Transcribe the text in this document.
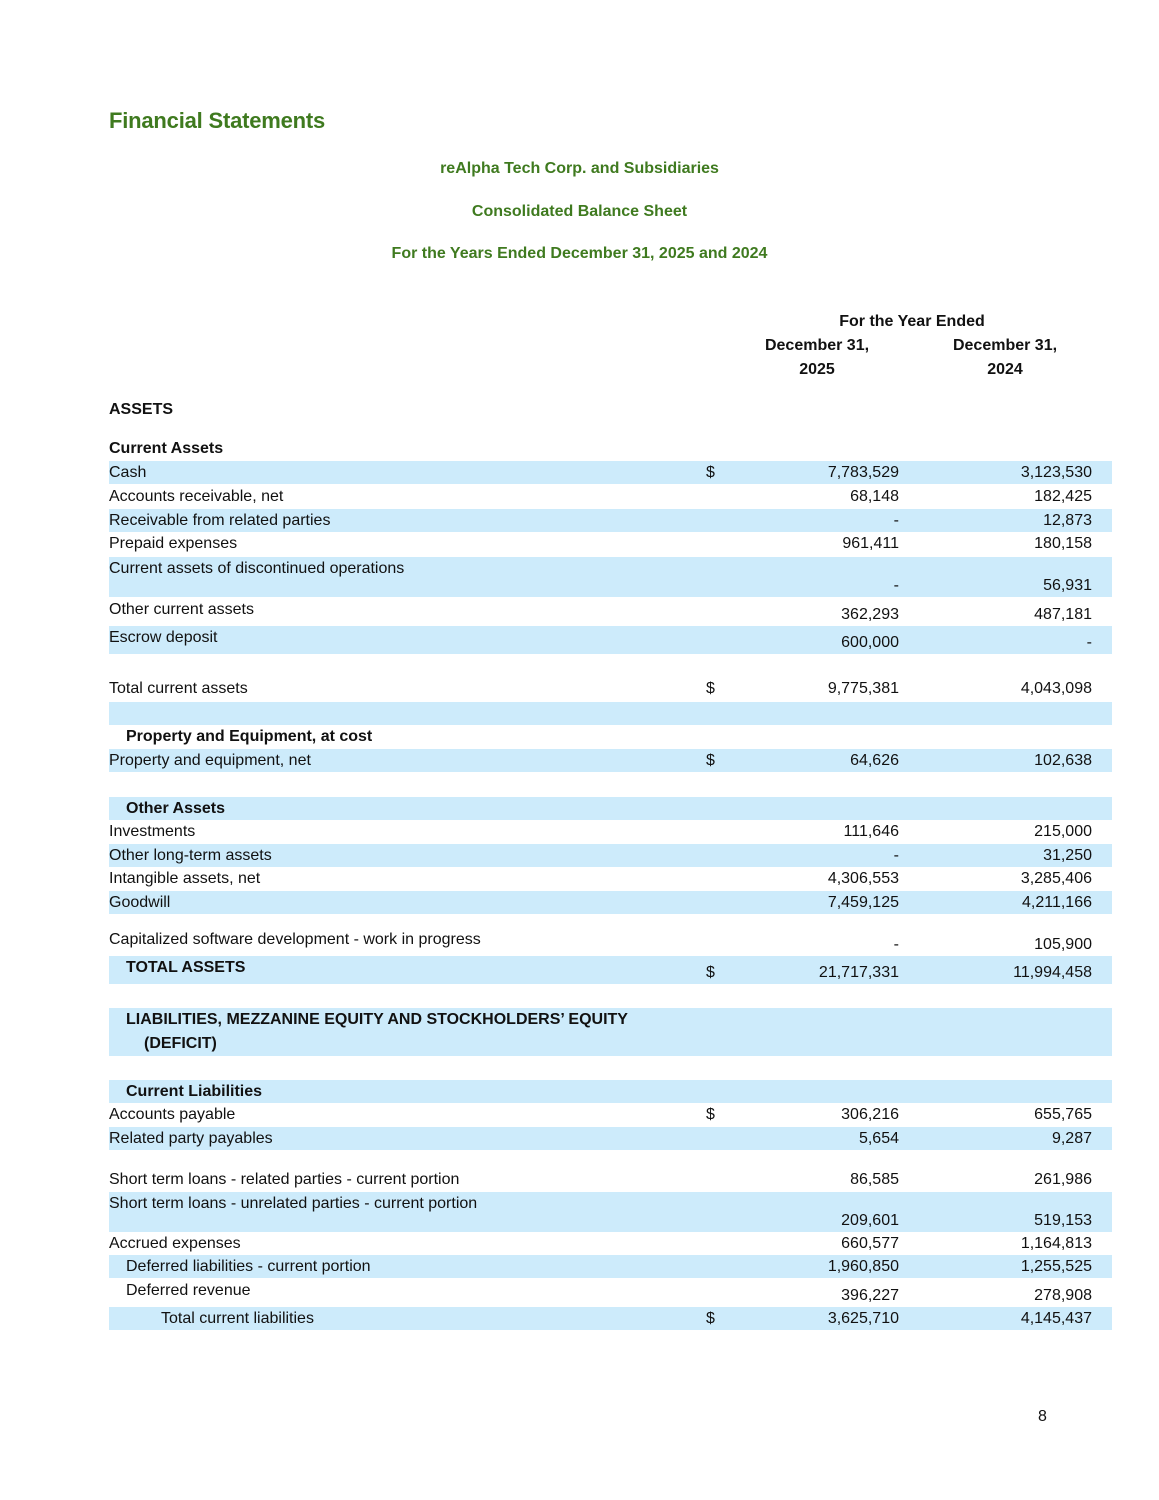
Financial Statements
reAlpha Tech Corp. and Subsidiaries
Consolidated Balance Sheet
For the Years Ended December 31, 2025 and 2024
For the Year Ended
December 31,
2025
December 31,
2024
ASSETS
Current Assets
Cash	$	7,783,529	3,123,530
Accounts receivable, net	68,148	182,425
Receivable from related parties	-	12,873
Prepaid expenses	961,411	180,158
Current assets of discontinued operations
-	56,931
Other current assets	362,293	487,181
Escrow deposit	600,000	-
Total current assets	$	9,775,381	4,043,098
Property and Equipment, at cost
Property and equipment, net	$	64,626	102,638
Other Assets
Investments	111,646	215,000
Other long-term assets	-	31,250
Intangible assets, net	4,306,553	3,285,406
Goodwill	7,459,125	4,211,166
Capitalized software development - work in progress	-	105,900
TOTAL ASSETS	$	21,717,331	11,994,458
LIABILITIES, MEZZANINE EQUITY AND STOCKHOLDERS’ EQUITY
(DEFICIT)
Current Liabilities
Accounts payable	$	306,216	655,765
Related party payables	5,654	9,287
Short term loans - related parties - current portion	86,585	261,986
Short term loans - unrelated parties - current portion
209,601	519,153
Accrued expenses	660,577	1,164,813
Deferred liabilities - current portion	1,960,850	1,255,525
Deferred revenue	396,227	278,908
Total current liabilities	$	3,625,710	4,145,437
8
